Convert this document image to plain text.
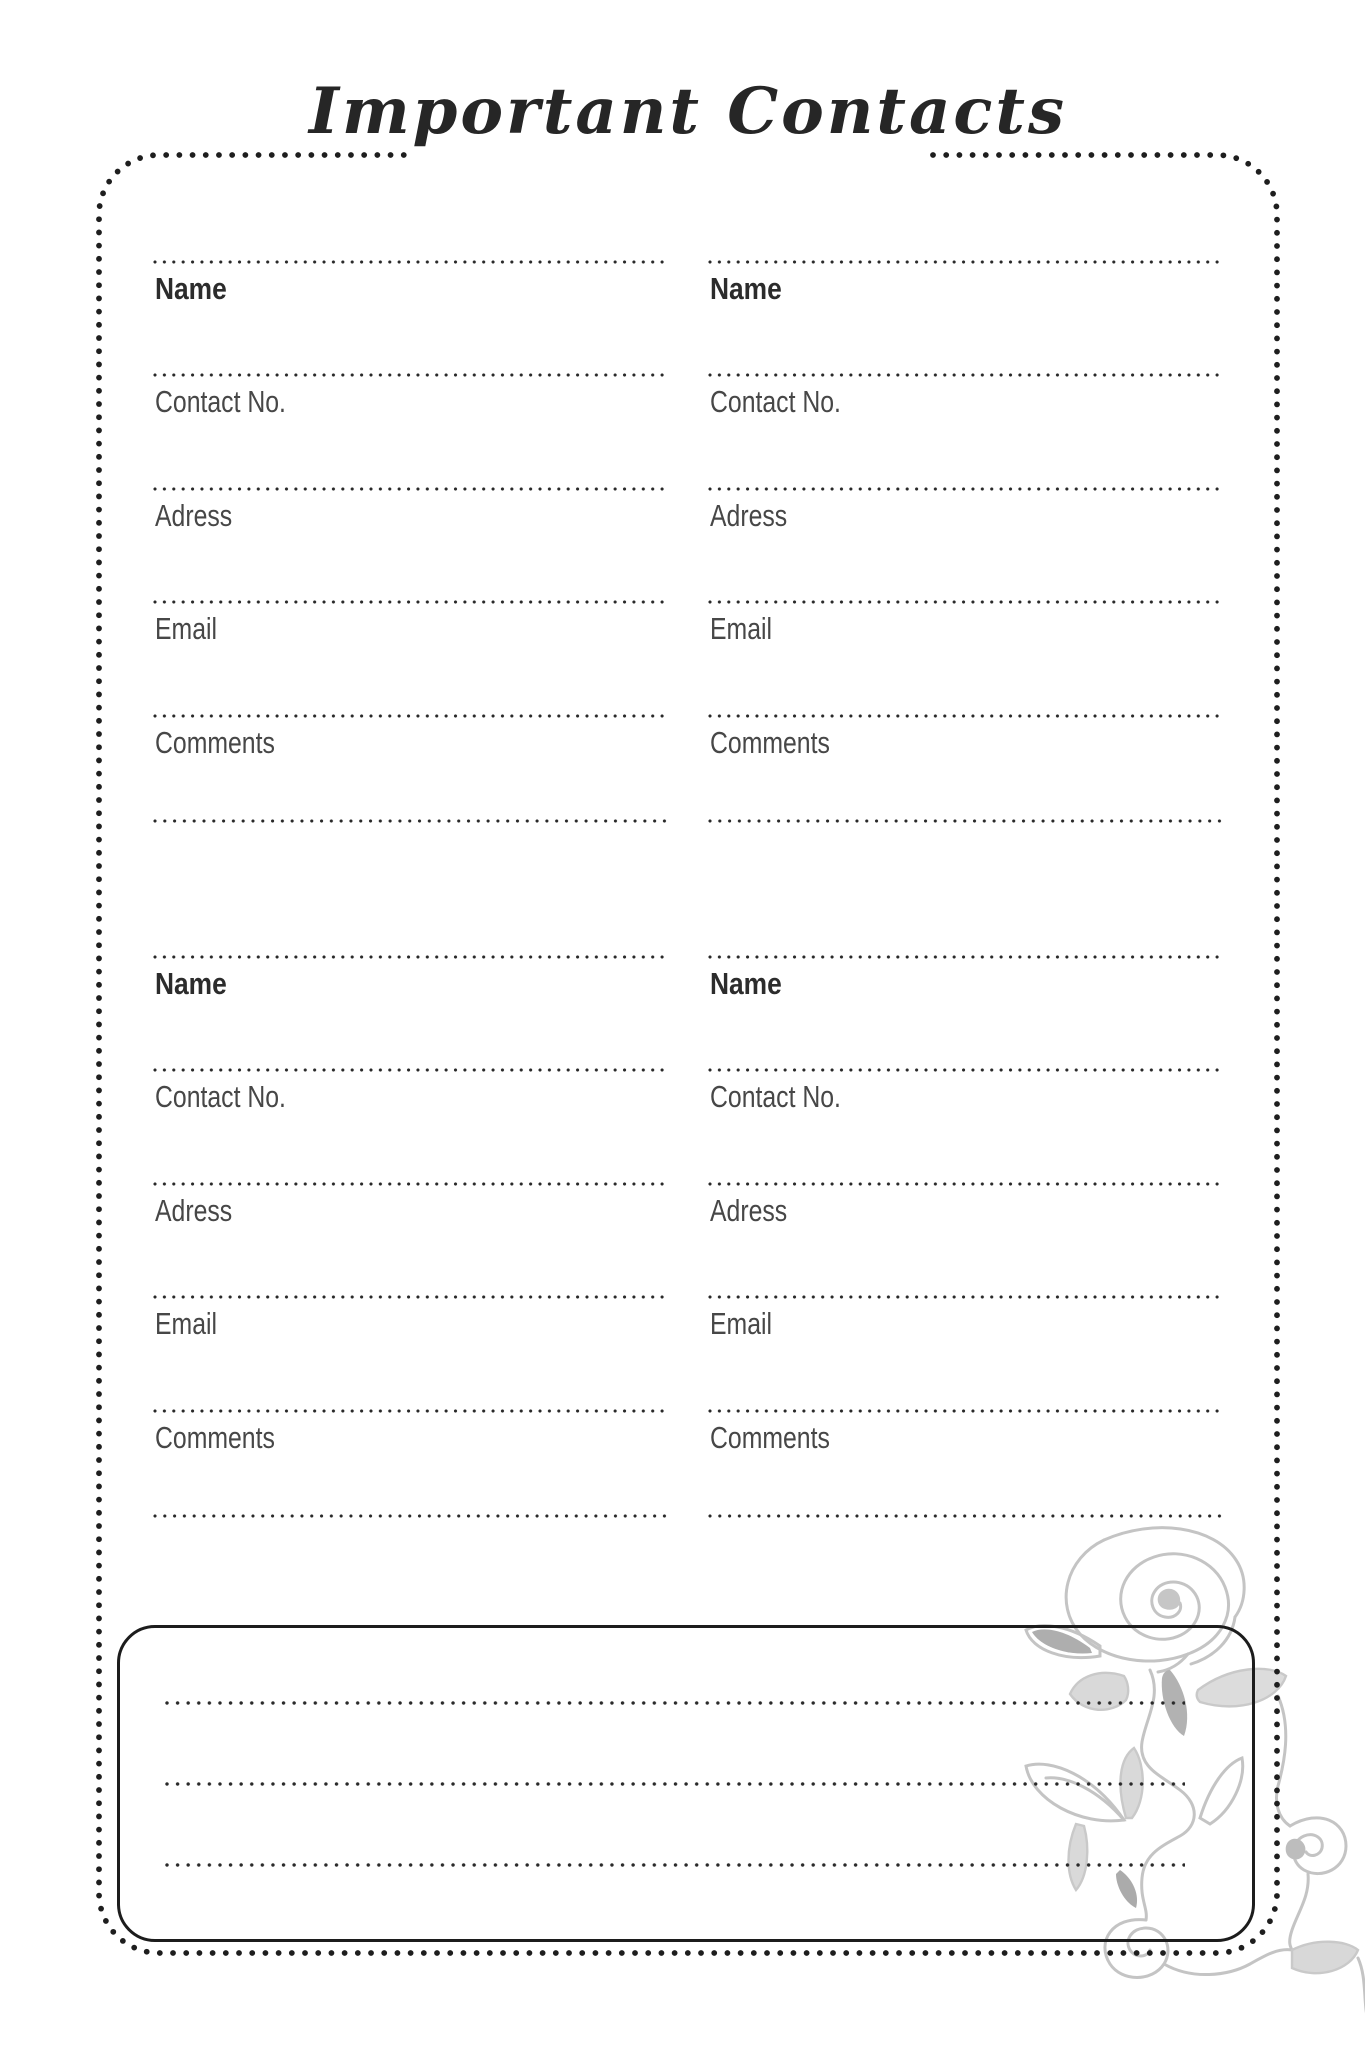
Important Contacts
Name
Contact No.
Adress
Email
Comments
Name
Contact No.
Adress
Email
Comments
Name
Contact No.
Adress
Email
Comments
Name
Contact No.
Adress
Email
Comments
